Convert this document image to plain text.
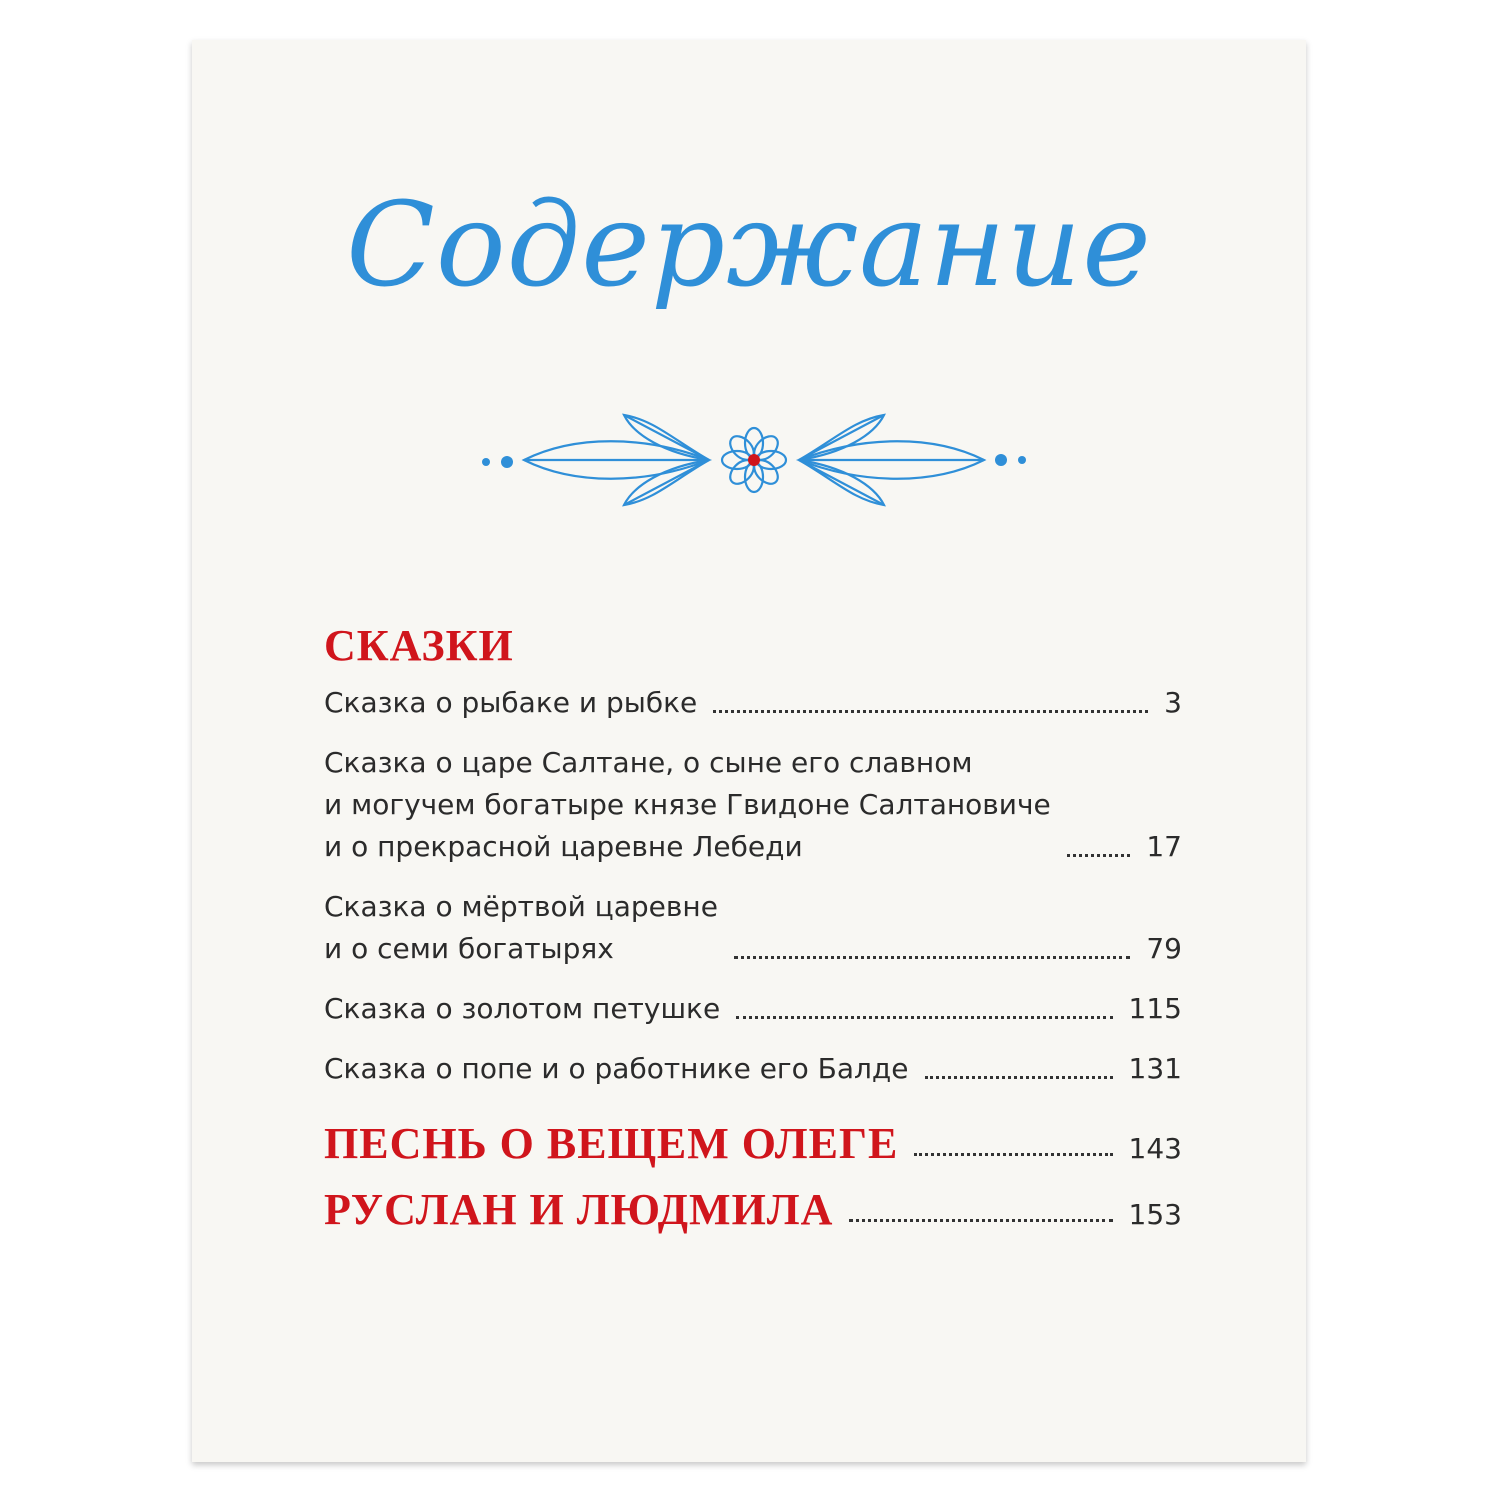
Содержание
СКАЗКИ
Сказка о рыбаке и рыбке	3
Сказка о царе Салтане, о сыне его славном
и могучем богатыре князе Гвидоне Салтановиче
и о прекрасной царевне Лебеди	17
Сказка о мёртвой царевне
и о семи богатырях	79
Сказка о золотом петушке	115
Сказка о попе и о работнике его Балде	131
ПЕСНЬ О ВЕЩЕМ ОЛЕГЕ	143
РУСЛАН И ЛЮДМИЛА	153
